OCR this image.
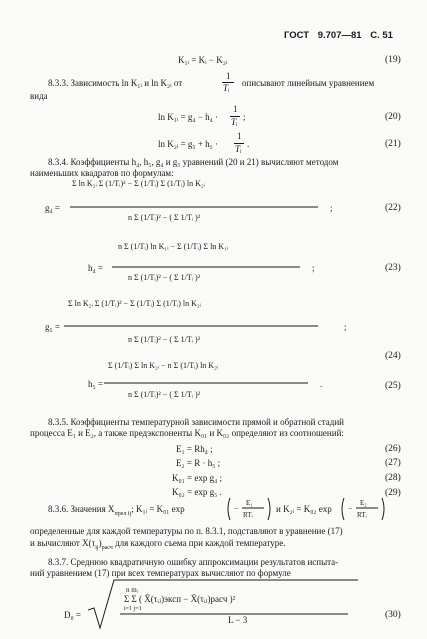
ГОСТ 9.707—81 С. 51
K₁ᵢ = Kᵢ − K₂ᵢ	(19)
8.3.3. Зависимость ln K₁ᵢ и ln K₂ᵢ от
1
Tᵢ описывают линейным уравнением
вида
ln K₁ᵢ = g₄ − h₄ ·
1
Tᵢ ;	(20)
ln K₂ᵢ = g₅ + h₅ ·
1
Tᵢ .	(21)
8.3.4. Коэффициенты h₄, h₅, g₄ и g₅ уравнений (20 и 21) вычисляют методом
наименьших квадратов по формулам:
Σ ln K₂ᵢ Σ (1/Tᵢ)² − Σ (1/Tᵢ) Σ (1/Tᵢ) ln K₂ᵢ
n Σ (1/Tᵢ)² − ( Σ 1/Tᵢ )²
n Σ (1/Tᵢ) ln K₁ᵢ − Σ (1/Tᵢ) Σ ln K₁ᵢ
n Σ (1/Tᵢ)² − ( Σ 1/Tᵢ )²
Σ ln K₂ᵢ Σ (1/Tᵢ)² − Σ (1/Tᵢ) Σ (1/Tᵢ) ln K₂ᵢ
n Σ (1/Tᵢ)² − ( Σ 1/Tᵢ )²
Σ (1/Tᵢ) Σ ln K₂ᵢ − n Σ (1/Tᵢ) ln K₂ᵢ
n Σ (1/Tᵢ)² − ( Σ 1/Tᵢ )²
g₄ =	;	(22)
h₄ =	;	(23)
g₅ =	;
(24)
h₅ =	.	(25)
8.3.5. Коэффициенты температурной зависимости прямой и обратной стадий
процесса E₁ и E₂, а также предэкспоненты K₀₁ и K₀₂ определяют из соотношений:
E₁ = Rh₄ ;	(26)
E₂ = R · h₅ ;	(27)
K₀₁ = exp g₄ ;	(28)
K₀₂ = exp g₅ .	(29)
8.3.6. Значения $X_{прел ij}$; K₁ᵢ = K₀₁ exp	−
E₁
RTᵢ
и K₂ᵢ = K₀₂ exp −
E₂
RTᵢ
определенные для каждой температуры по п. 8.3.1, подставляют в уравнение (17)
и вычисляют $X(\tau_{ij})_{расч}$ для каждого съема при каждой температуре.
8.3.7. Среднюю квадратичную ошибку аппроксимации результатов испыта-
ний уравнением (17) при всех температурах вычисляют по формуле
D₀ =
n mᵢ
Σ Σ ( X̄(τᵢⱼ)эксп − X̄(τᵢⱼ)расч )²
i=1 j=1
L − 3	(30)
